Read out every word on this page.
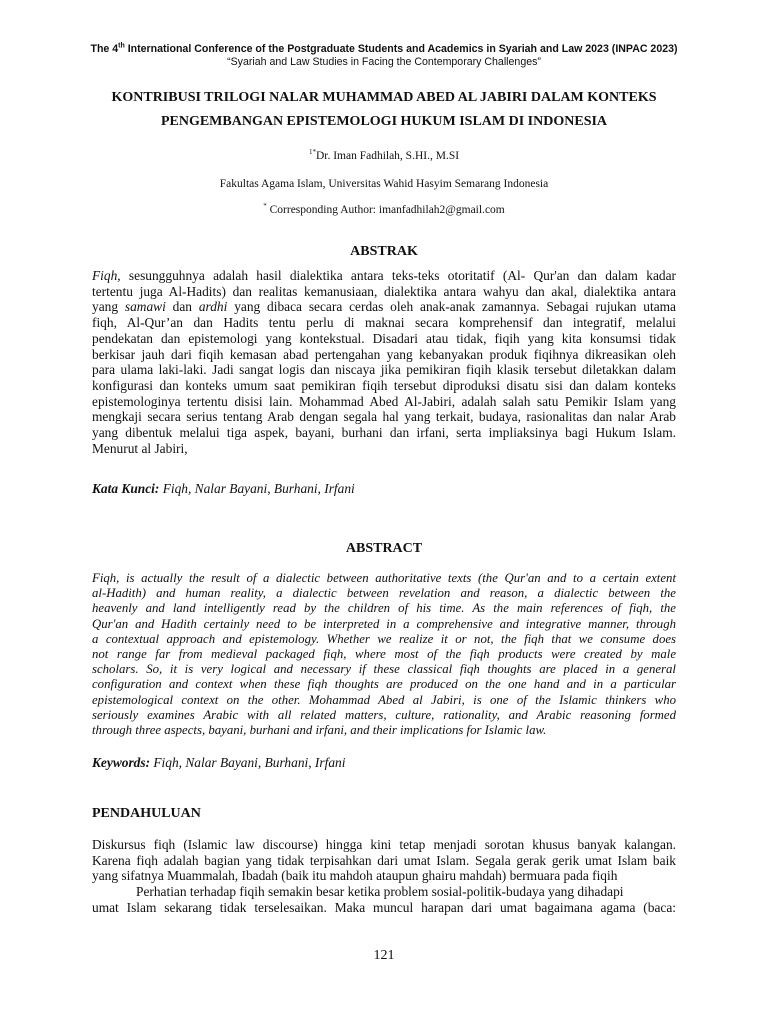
The 4th International Conference of the Postgraduate Students and Academics in Syariah and Law 2023 (INPAC 2023)
“Syariah and Law Studies in Facing the Contemporary Challenges”
KONTRIBUSI TRILOGI NALAR MUHAMMAD ABED AL JABIRI DALAM KONTEKS
PENGEMBANGAN EPISTEMOLOGI HUKUM ISLAM DI INDONESIA
$^{1*}$Dr. Iman Fadhilah, S.HI., M.SI
Fakultas Agama Islam, Universitas Wahid Hasyim Semarang Indonesia
* Corresponding Author: imanfadhilah2@gmail.com
ABSTRAK
Fiqh, sesungguhnya adalah hasil dialektika antara teks-teks otoritatif (Al- Qur'an dan dalam kadar
tertentu juga Al-Hadits) dan realitas kemanusiaan, dialektika antara wahyu dan akal, dialektika antara
yang samawi dan ardhi yang dibaca secara cerdas oleh anak-anak zamannya. Sebagai rujukan utama
fiqh, Al-Qur’an dan Hadits tentu perlu di maknai secara komprehensif dan integratif, melalui
pendekatan dan epistemologi yang kontekstual. Disadari atau tidak, fiqih yang kita konsumsi tidak
berkisar jauh dari fiqih kemasan abad pertengahan yang kebanyakan produk fiqihnya dikreasikan oleh
para ulama laki-laki. Jadi sangat logis dan niscaya jika pemikiran fiqih klasik tersebut diletakkan dalam
konfigurasi dan konteks umum saat pemikiran fiqih tersebut diproduksi disatu sisi dan dalam konteks
epistemologinya tertentu disisi lain. Mohammad Abed Al-Jabiri, adalah salah satu Pemikir Islam yang
mengkaji secara serius tentang Arab dengan segala hal yang terkait, budaya, rasionalitas dan nalar Arab
yang dibentuk melalui tiga aspek, bayani, burhani dan irfani, serta impliaksinya bagi Hukum Islam.
Menurut al Jabiri,
Kata Kunci: Fiqh, Nalar Bayani, Burhani, Irfani
ABSTRACT
Fiqh, is actually the result of a dialectic between authoritative texts (the Qur'an and to a certain extent
al-Hadith) and human reality, a dialectic between revelation and reason, a dialectic between the
heavenly and land intelligently read by the children of his time. As the main references of fiqh, the
Qur'an and Hadith certainly need to be interpreted in a comprehensive and integrative manner, through
a contextual approach and epistemology. Whether we realize it or not, the fiqh that we consume does
not range far from medieval packaged fiqh, where most of the fiqh products were created by male
scholars. So, it is very logical and necessary if these classical fiqh thoughts are placed in a general
configuration and context when these fiqh thoughts are produced on the one hand and in a particular
epistemological context on the other. Mohammad Abed al Jabiri, is one of the Islamic thinkers who
seriously examines Arabic with all related matters, culture, rationality, and Arabic reasoning formed
through three aspects, bayani, burhani and irfani, and their implications for Islamic law.
Keywords: Fiqh, Nalar Bayani, Burhani, Irfani
PENDAHULUAN
Diskursus fiqh (Islamic law discourse) hingga kini tetap menjadi sorotan khusus banyak kalangan.
Karena fiqh adalah bagian yang tidak terpisahkan dari umat Islam. Segala gerak gerik umat Islam baik
yang sifatnya Muammalah, Ibadah (baik itu mahdoh ataupun ghairu mahdah) bermuara pada fiqih
Perhatian terhadap fiqih semakin besar ketika problem sosial-politik-budaya yang dihadapi
umat Islam sekarang tidak terselesaikan. Maka muncul harapan dari umat bagaimana agama (baca:
121
